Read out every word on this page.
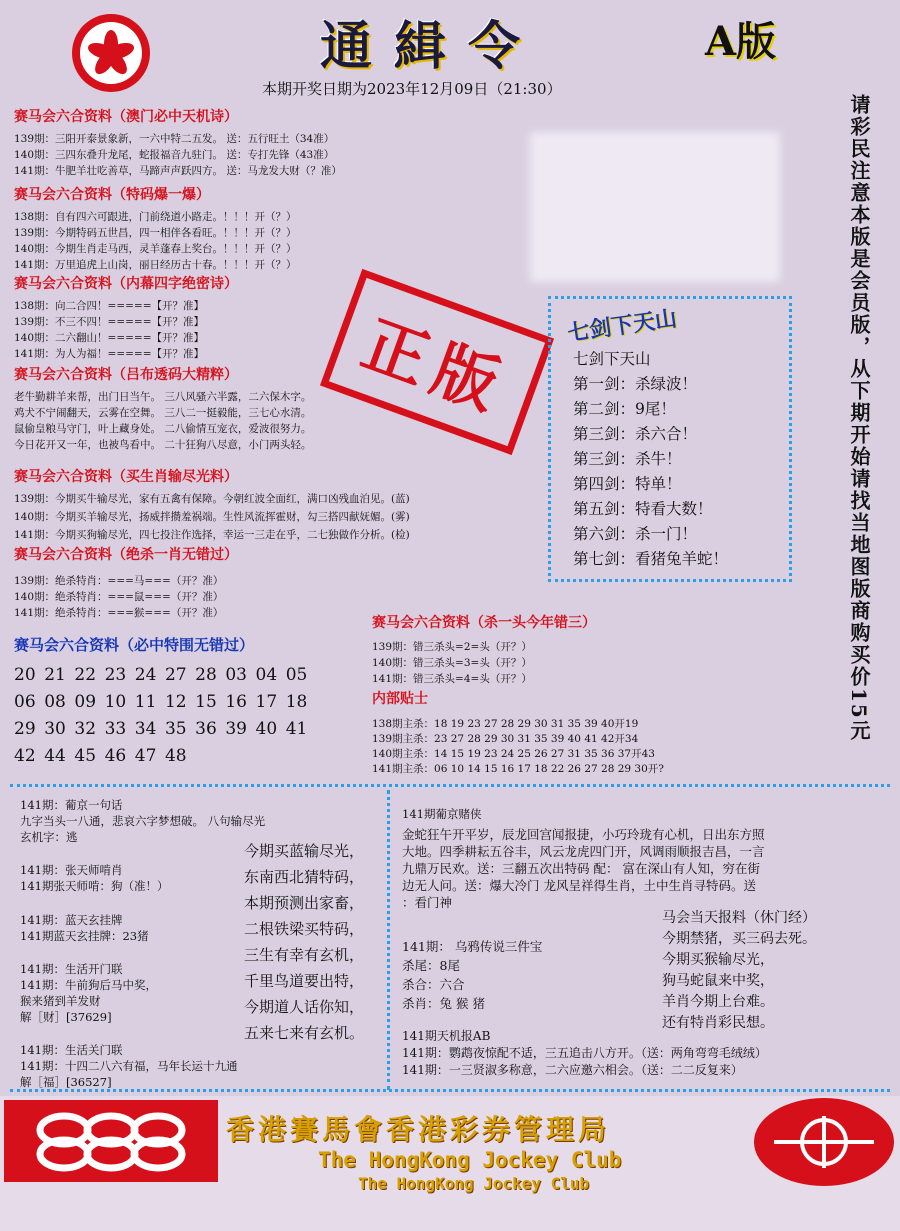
通緝令	A版
本期开奖日期为2023年12月09日（21:30）
请彩民注意本版是会员版，从下期开始请找当地图版商购买价15元
赛马会六合资料（澳门必中天机诗）
139期：三阳开泰景象新，一六中特二五发。 送：五行旺土（34准）
140期：三四东叠升龙尾，蛇报福音九驻门。 送：专打先锋（43准）
141期：牛肥羊壮吃善草，马蹄声声跃四方。 送：马龙发大财（？准）
赛马会六合资料（特码爆一爆）
138期：自有四六可跟进，门前绕道小路走。！！！开（？）
139期：今期特码五世昌，四一相伴各看旺。！！！开（？）
140期：今期生肖走马西，灵羊蓬春上奖台。！！！开（？）
141期：万里追虎上山岗，丽日经历古十春。！！！开（？）
赛马会六合资料（内幕四字绝密诗）
138期：向二合四！=====【开？准】
139期：不三不四！=====【开？准】
140期：二六翻山！=====【开？准】
141期：为人为福！=====【开？准】
赛马会六合资料（吕布透码大精粹）
老牛勤耕羊来帮，出门日当午。 三八风骚六半露，二六保木字。
鸡犬不宁闹翻天，云雾在空舞。 三八二一挺毅能，三七心水清。
鼠偷皇粮马守门，叶上藏身处。 二八偷情互宠衣，爱波很努力。
今日花开又一年，也被鸟看中。 二十狂狗八尽意，小门两头轻。
正版
赛马会六合资料（买生肖输尽光料）
139期：今期买牛输尽光，家有五禽有保障。今朝红波全面红，满口凶残血泊见。(蓝)
140期：今期买羊输尽光，扬威拌攒羞祸端。生性风流挥霍财，勾三搭四献妩媚。(雾)
141期：今期买狗输尽光，四七投注作选择，幸运一三走在乎，二七独做作分析。(检)
赛马会六合资料（绝杀一肖无错过）
139期：绝杀特肖：===马===（开？准）
140期：绝杀特肖：===鼠===（开？准）
141期：绝杀特肖：===猴===（开？准）
七剑下天山
七剑下天山
第一剑：杀绿波！
第二剑：9尾！
第三剑：杀六合！
第三剑：杀牛！
第四剑：特单！
第五剑：特看大数！
第六剑：杀一门！
第七剑：看猪兔羊蛇！
赛马会六合资料（必中特围无错过）
20 21 22 23 24 27 28 03 04 05
06 08 09 10 11 12 15 16 17 18
29 30 32 33 34 35 36 39 40 41
42 44 45 46 47 48
赛马会六合资料（杀一头今年错三）
139期：错三杀头=2=头（开？）
140期：错三杀头=3=头（开？）
141期：错三杀头=4=头（开？）
内部贴士
138期主杀：18 19 23 27 28 29 30 31 35 39 40开19
139期主杀：23 27 28 29 30 31 35 39 40 41 42开34
140期主杀：14 15 19 23 24 25 26 27 31 35 36 37开43
141期主杀：06 10 14 15 16 17 18 22 26 27 28 29 30开?
141期：葡京一句话
九字当头一八通，悲哀六字梦想破。 八句输尽光
玄机字：逃
141期：张天师啃肖
141期张天师啃：狗（准！）
141期：蓝天玄挂牌
141期蓝天玄挂牌：23猪
141期：生活开门联
141期：牛前狗后马中奖，
猴来猪到羊发财
解［财］[37629]
141期：生活关门联
141期：十四二八六有福，马年长运十九通
解［福］[36527]
今期买蓝输尽光，
东南西北猜特码，
本期预测出家畜，
二根铁梁买特码，
三生有幸有玄机，
千里鸟道要出特，
今期道人话你知，
五来七来有玄机。
141期葡京赌侠
金蛇狂午开平岁，辰龙回宫闻报捷，小巧玲珑有心机，日出东方照
大地。四季耕耘五谷丰，风云龙虎四门开，风调雨顺报吉昌，一言
九鼎万民欢。送：三翻五次出特码 配： 富在深山有人知，穷在街
边无人问。送：爆大冷门 龙风呈祥得生肖，土中生肖寻特码。送
：看门神
马会当天报料（休门经）
今期禁猪，买三码去死。
今期买猴输尽光，
狗马蛇鼠来中奖，
羊肖今期上台难。
还有特肖彩民想。
141期： 乌鸦传说三件宝
杀尾：8尾
杀合：六合
杀肖：兔 猴 猪
141期天机报AB
141期：鹦鹉夜惊配不适，三五追击八方开。（送：两角弯弯毛绒绒）
141期：一三贤淑多称意，二六应邀六相会。（送：二二反复来）
香港賽馬會香港彩券管理局
The HongKong Jockey Club
The HongKong Jockey Club
